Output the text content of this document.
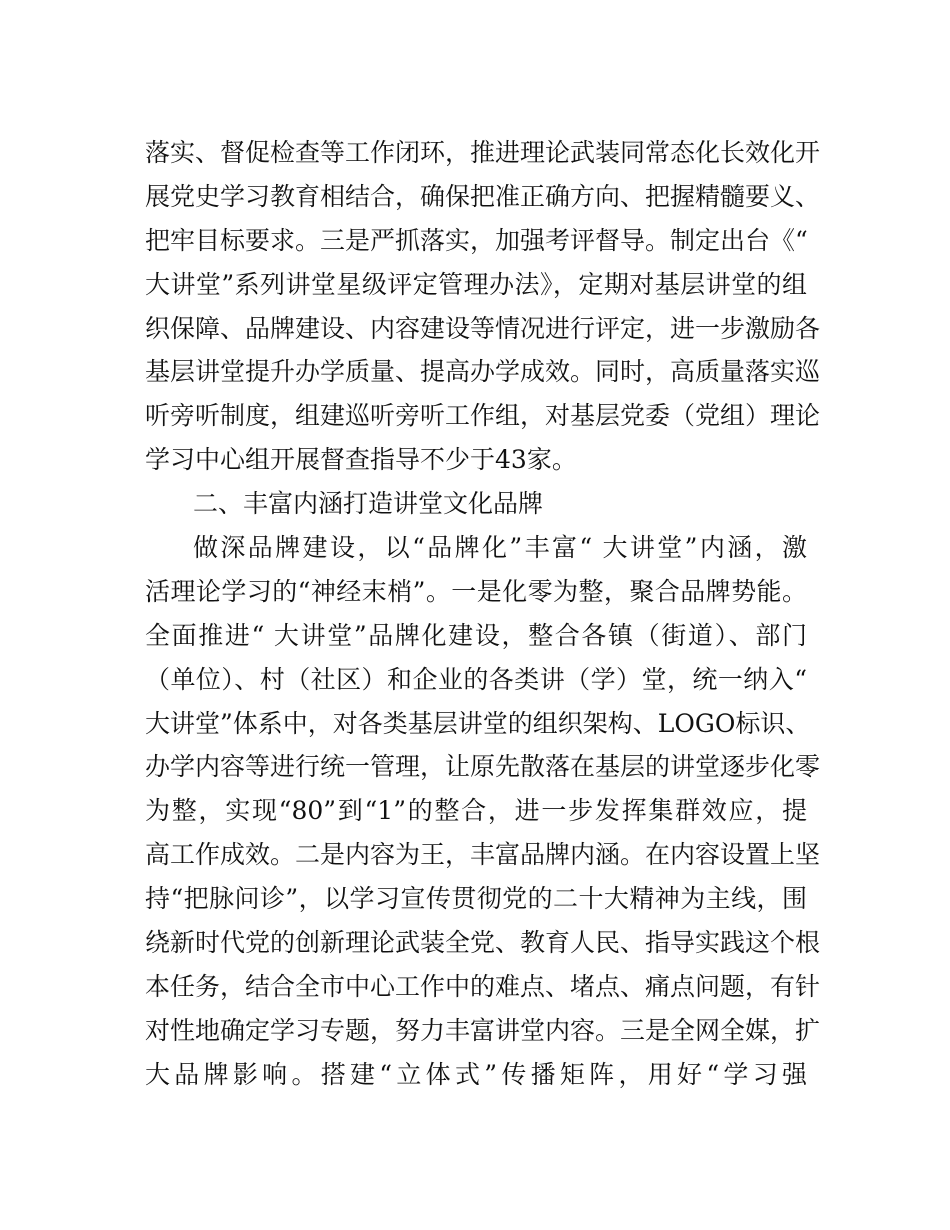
落实、督促检查等工作闭环，推进理论武装同常态化长效化开
展党史学习教育相结合，确保把准正确方向、把握精髓要义、
把牢目标要求。三是严抓落实，加强考评督导。制定出台《“
大讲堂”系列讲堂星级评定管理办法》，定期对基层讲堂的组
织保障、品牌建设、内容建设等情况进行评定，进一步激励各
基层讲堂提升办学质量、提高办学成效。同时，高质量落实巡
听旁听制度，组建巡听旁听工作组，对基层党委（党组）理论
学习中心组开展督查指导不少于43家。
二、丰富内涵打造讲堂文化品牌
做深品牌建设，以“品牌化”丰富“ 大讲堂”内涵，激
活理论学习的“神经末梢”。一是化零为整，聚合品牌势能。
全面推进“ 大讲堂”品牌化建设，整合各镇（街道）、部门
（单位）、村（社区）和企业的各类讲（学）堂，统一纳入“
大讲堂”体系中，对各类基层讲堂的组织架构、LOGO标识、
办学内容等进行统一管理，让原先散落在基层的讲堂逐步化零
为整，实现“80”到“1”的整合，进一步发挥集群效应，提
高工作成效。二是内容为王，丰富品牌内涵。在内容设置上坚
持“把脉问诊”，以学习宣传贯彻党的二十大精神为主线，围
绕新时代党的创新理论武装全党、教育人民、指导实践这个根
本任务，结合全市中心工作中的难点、堵点、痛点问题，有针
对性地确定学习专题，努力丰富讲堂内容。三是全网全媒，扩
大品牌影响。搭建“立体式”传播矩阵，用好“学习强
